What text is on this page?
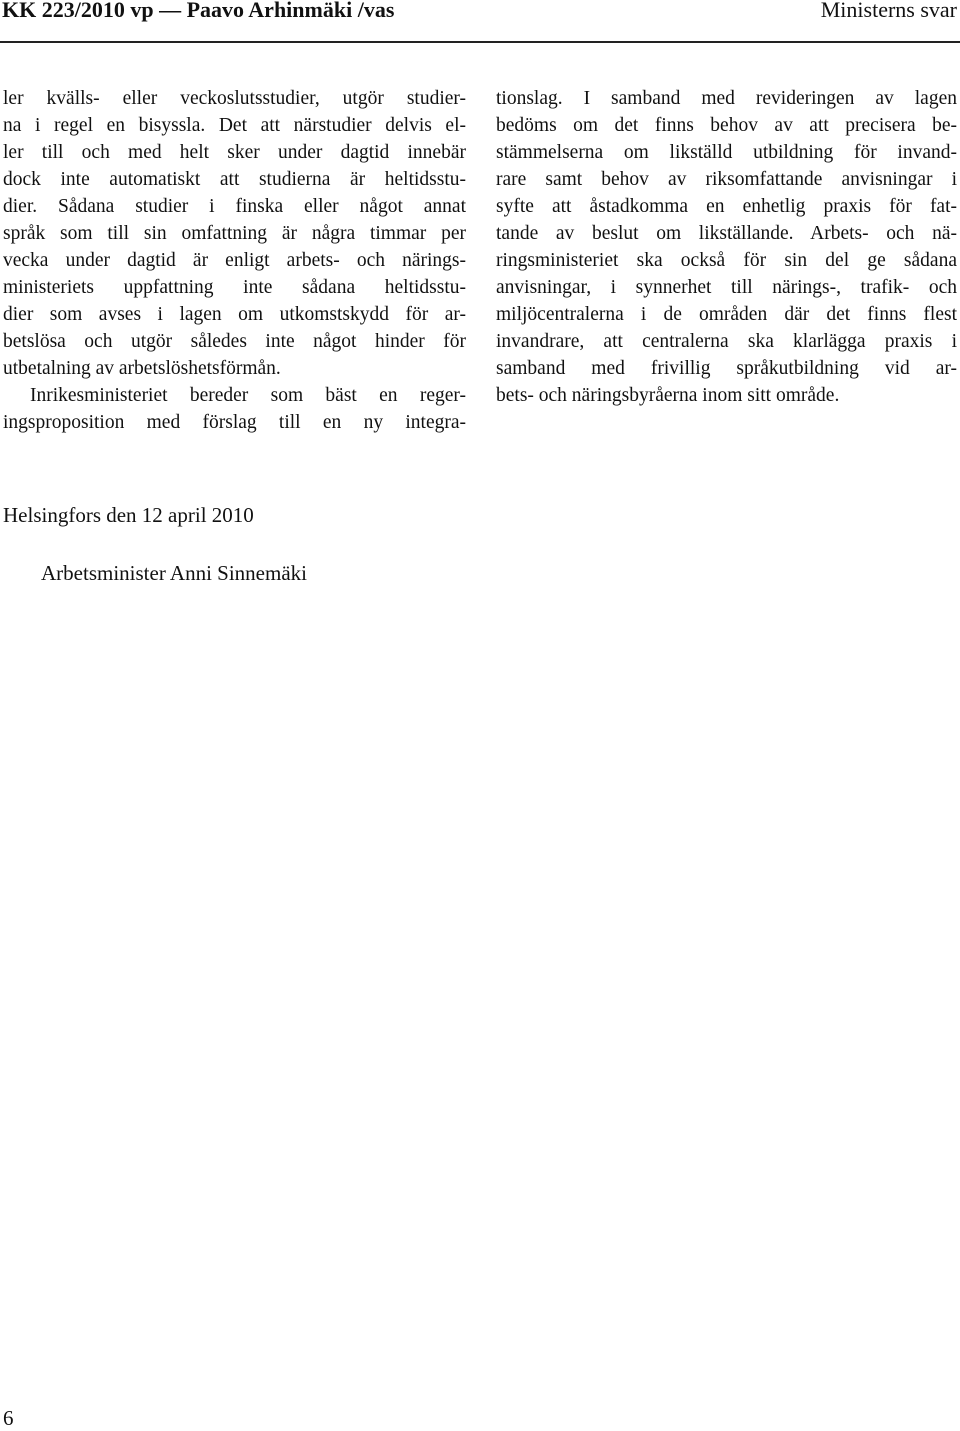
KK 223/2010 vp — Paavo Arhinmäki /vas	Ministerns svar
ler kvälls- eller veckoslutsstudier, utgör studier-
na i regel en bisyssla. Det att närstudier delvis el-
ler till och med helt sker under dagtid innebär
dock inte automatiskt att studierna är heltidsstu-
dier. Sådana studier i finska eller något annat
språk som till sin omfattning är några timmar per
vecka under dagtid är enligt arbets- och närings-
ministeriets uppfattning inte sådana heltidsstu-
dier som avses i lagen om utkomstskydd för ar-
betslösa och utgör således inte något hinder för
utbetalning av arbetslöshetsförmån.
Inrikesministeriet bereder som bäst en reger-
ingsproposition med förslag till en ny integra-
tionslag. I samband med revideringen av lagen
bedöms om det finns behov av att precisera be-
stämmelserna om likställd utbildning för invand-
rare samt behov av riksomfattande anvisningar i
syfte att åstadkomma en enhetlig praxis för fat-
tande av beslut om likställande. Arbets- och nä-
ringsministeriet ska också för sin del ge sådana
anvisningar, i synnerhet till närings-, trafik- och
miljöcentralerna i de områden där det finns flest
invandrare, att centralerna ska klarlägga praxis i
samband med frivillig språkutbildning vid ar-
bets- och näringsbyråerna inom sitt område.
Helsingfors den 12 april 2010
Arbetsminister Anni Sinnemäki
6
